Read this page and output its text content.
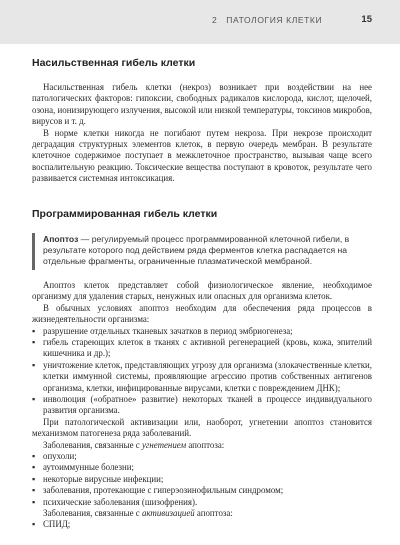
2 ПАТОЛОГИЯ КЛЕТКИ	15
Насильственная гибель клетки

Насильственная гибель клетки (некроз) возникает при воздействии на нее патологических факторов: гипоксии, свободных радикалов кислорода, кислот, щелочей, озона, ионизирующего излучения, высокой или низкой температуры, токсинов микробов, вирусов и т. д.

В норме клетки никогда не погибают путем некроза. При некрозе происходит деградация структурных элементов клеток, в первую очередь мембран. В результате клеточное содержимое поступает в межклеточное пространство, вызывая чаще всего воспалительную реакцию. Токсические вещества поступают в кровоток, результате чего развивается системная интоксикация.

Программированная гибель клетки
Апоптоз — регулируемый процесс программированной клеточной гибели, в результате которого под действием ряда ферментов клетка распадается на отдельные фрагменты, ограниченные плазматической мембраной.

Апоптоз клеток представляет собой физиологическое явление, необходимое организму для удаления старых, ненужных или опасных для организма клеток.

В обычных условиях апоптоз необходим для обеспечения ряда процессов в жизнедеятельности организма:

▪ разрушение отдельных тканевых зачатков в период эмбриогенеза;
▪ гибель стареющих клеток в тканях с активной регенерацией (кровь, кожа, эпителий кишечника и др.);
▪ уничтожение клеток, представляющих угрозу для организма (злокачественные клетки, клетки иммунной системы, проявляющие агрессию против собственных антигенов организма, клетки, инфицированные вирусами, клетки с повреждением ДНК);
▪ инволюция («обратное» развитие) некоторых тканей в процессе индивидуального развития организма.

При патологической активизации или, наоборот, угнетении апоптоз становится механизмом патогенеза ряда заболеваний.

Заболевания, связанные с угнетением апоптоза:

▪ опухоли;
▪ аутоиммунные болезни;
▪ некоторые вирусные инфекции;
▪ заболевания, протекающие с гиперэозинофильным синдромом;
▪ психические заболевания (шизофрения).

Заболевания, связанные с активизацией апоптоза:

▪ СПИД;
